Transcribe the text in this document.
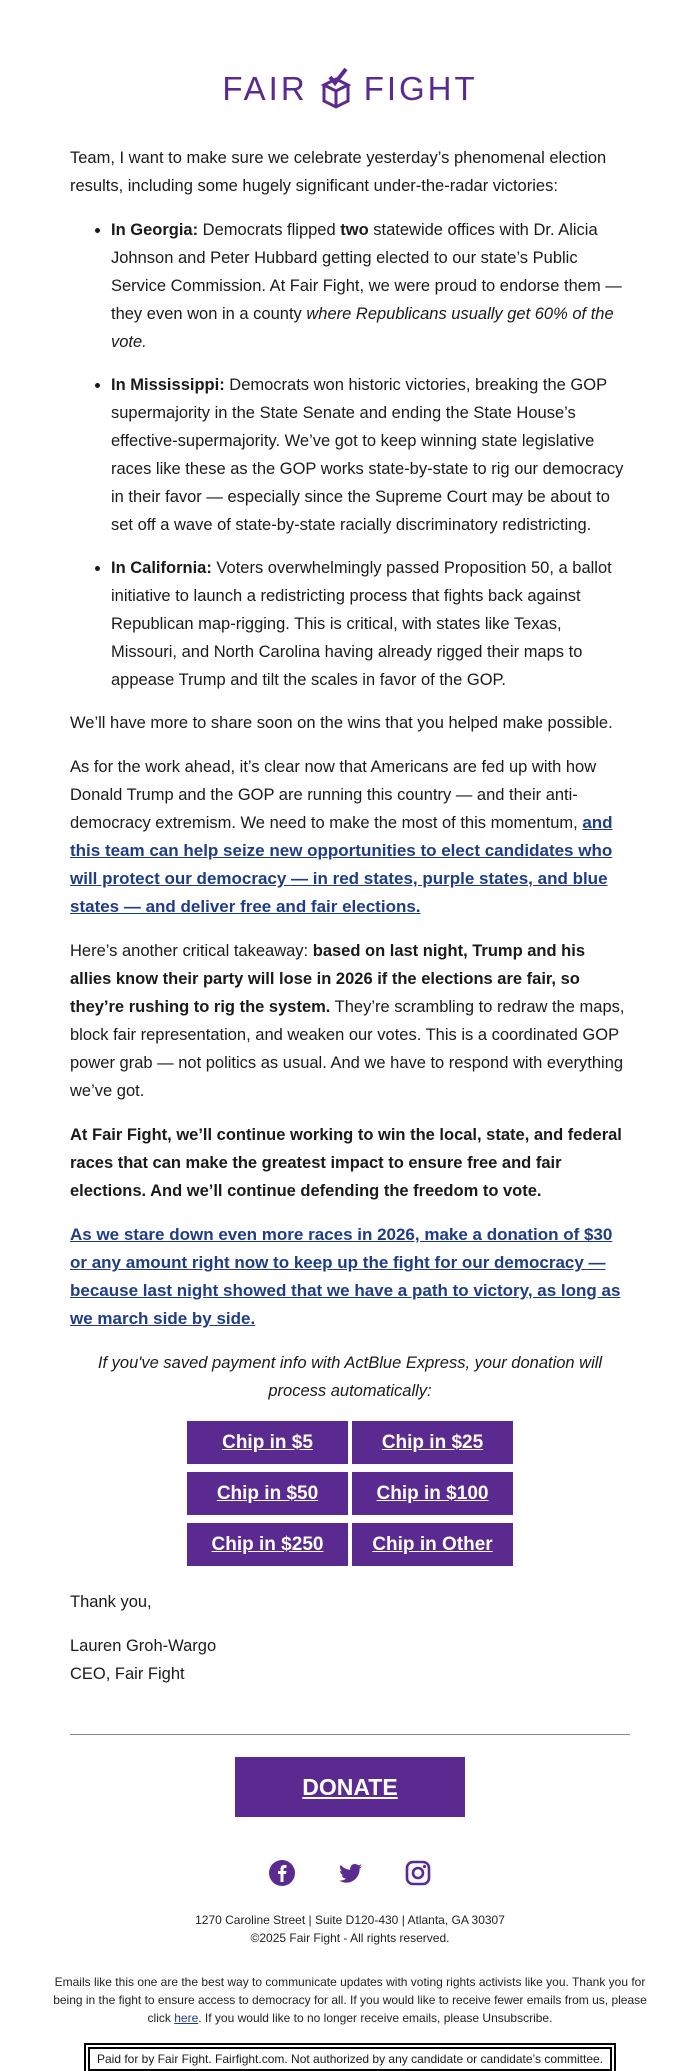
FAIR FIGHT

Team, I want to make sure we celebrate yesterday’s phenomenal election results, including some hugely significant under-the-radar victories:

• In Georgia: Democrats flipped two statewide offices with Dr. Alicia Johnson and Peter Hubbard getting elected to our state’s Public Service Commission. At Fair Fight, we were proud to endorse them — they even won in a county where Republicans usually get 60% of the vote.
• In Mississippi: Democrats won historic victories, breaking the GOP supermajority in the State Senate and ending the State House’s effective-supermajority. We’ve got to keep winning state legislative races like these as the GOP works state-by-state to rig our democracy in their favor — especially since the Supreme Court may be about to set off a wave of state-by-state racially discriminatory redistricting.
• In California: Voters overwhelmingly passed Proposition 50, a ballot initiative to launch a redistricting process that fights back against Republican map-rigging. This is critical, with states like Texas, Missouri, and North Carolina having already rigged their maps to appease Trump and tilt the scales in favor of the GOP.

We’ll have more to share soon on the wins that you helped make possible.

As for the work ahead, it’s clear now that Americans are fed up with how Donald Trump and the GOP are running this country — and their anti-democracy extremism. We need to make the most of this momentum, and this team can help seize new opportunities to elect candidates who will protect our democracy — in red states, purple states, and blue states — and deliver free and fair elections.

Here’s another critical takeaway: based on last night, Trump and his allies know their party will lose in 2026 if the elections are fair, so they’re rushing to rig the system. They’re scrambling to redraw the maps, block fair representation, and weaken our votes. This is a coordinated GOP power grab — not politics as usual. And we have to respond with everything we’ve got.

At Fair Fight, we’ll continue working to win the local, state, and federal races that can make the greatest impact to ensure free and fair elections. And we’ll continue defending the freedom to vote.

As we stare down even more races in 2026, make a donation of $30 or any amount right now to keep up the fight for our democracy — because last night showed that we have a path to victory, as long as we march side by side.

If you've saved payment info with ActBlue Express, your donation will process automatically:

Chip in $5	Chip in $25
Chip in $50	Chip in $100
Chip in $250	Chip in Other

Thank you,

Lauren Groh-Wargo

CEO, Fair Fight

DONATE
1270 Caroline Street | Suite D120-430 | Atlanta, GA 30307
©2025 Fair Fight - All rights reserved.
Emails like this one are the best way to communicate updates with voting rights activists like you. Thank you for being in the fight to ensure access to democracy for all. If you would like to receive fewer emails from us, please click here. If you would like to no longer receive emails, please Unsubscribe.
Paid for by Fair Fight. Fairfight.com. Not authorized by any candidate or candidate’s committee.
